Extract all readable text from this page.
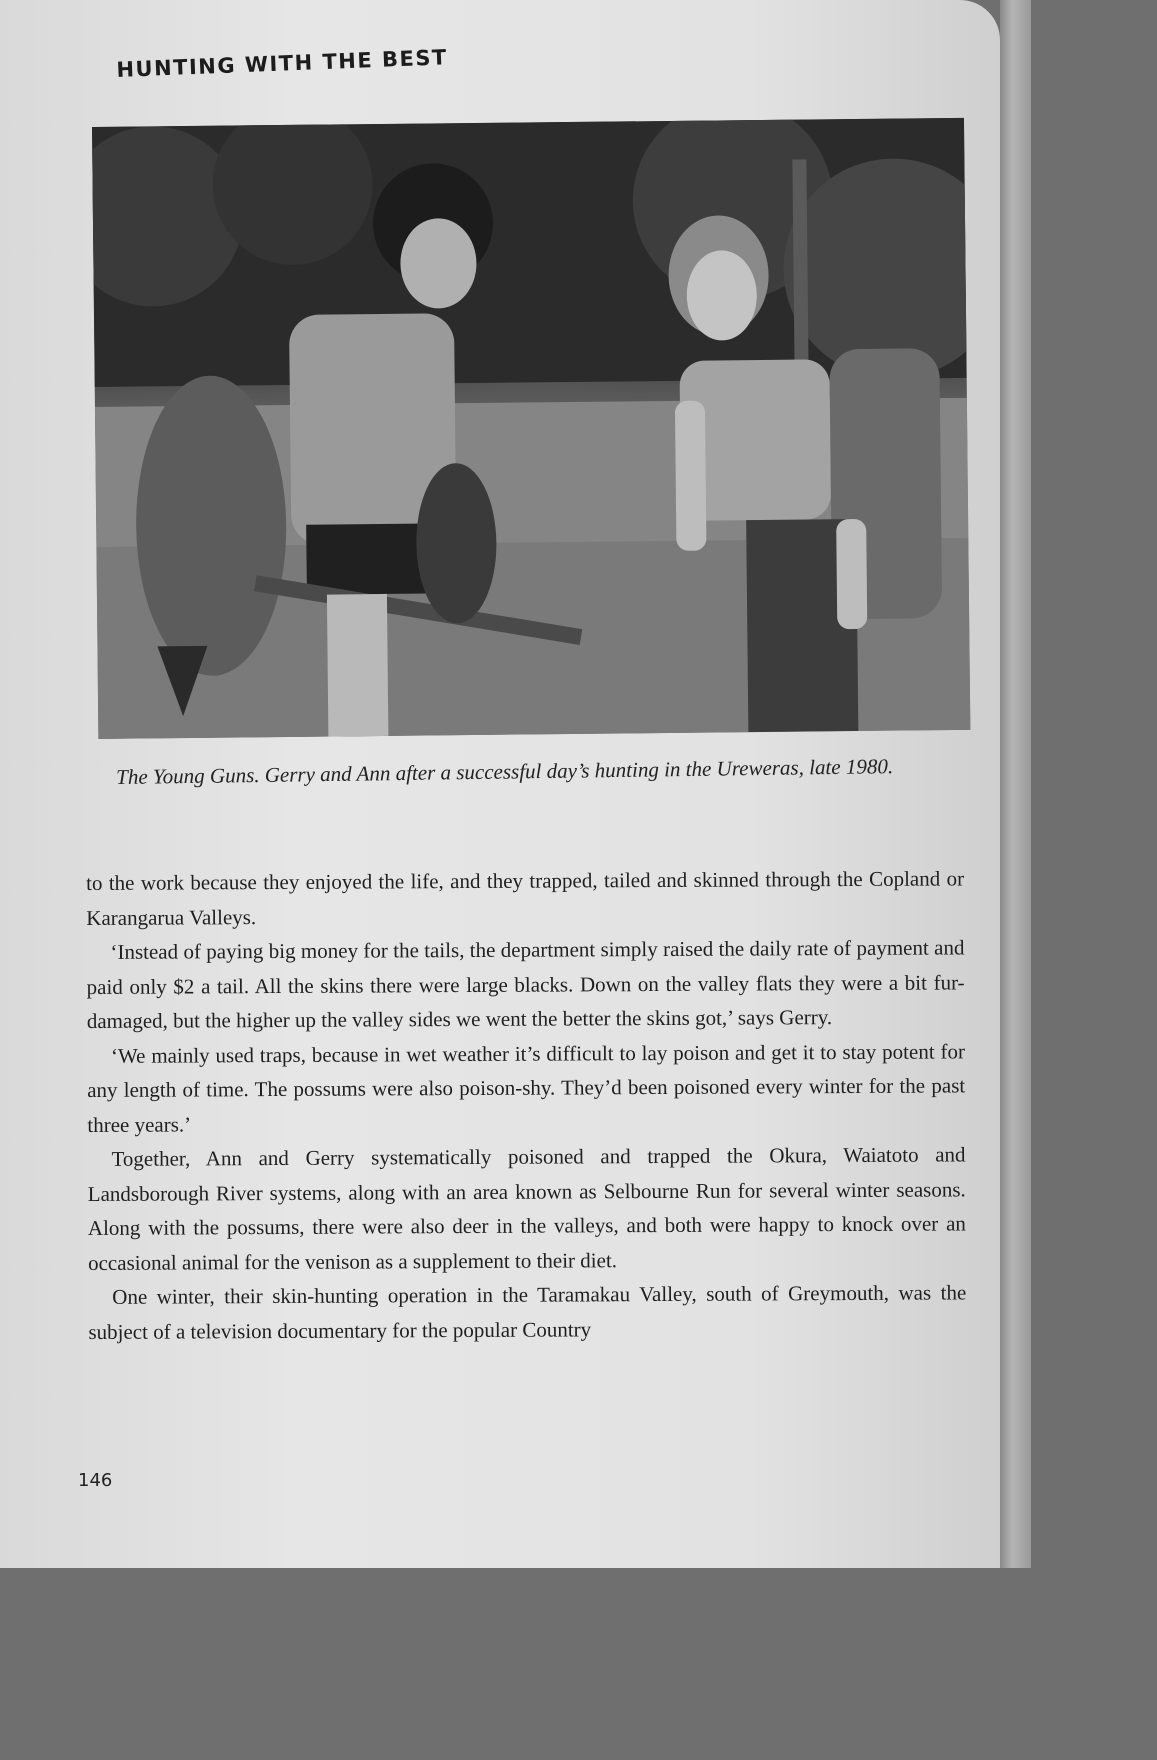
HUNTING WITH THE BEST
The Young Guns. Gerry and Ann after a successful day’s hunting in the Ureweras, late 1980.

to the work because they enjoyed the life, and they trapped, tailed and skinned through the Copland or Karangarua Valleys.

‘Instead of paying big money for the tails, the department simply raised the daily rate of payment and paid only $2 a tail. All the skins there were large blacks. Down on the valley flats they were a bit fur-damaged, but the higher up the valley sides we went the better the skins got,’ says Gerry.

‘We mainly used traps, because in wet weather it’s difficult to lay poison and get it to stay potent for any length of time. The possums were also poison-shy. They’d been poisoned every winter for the past three years.’

Together, Ann and Gerry systematically poisoned and trapped the Okura, Waiatoto and Landsborough River systems, along with an area known as Selbourne Run for several winter seasons. Along with the possums, there were also deer in the valleys, and both were happy to knock over an occasional animal for the venison as a supplement to their diet.

One winter, their skin-hunting operation in the Taramakau Valley, south of Greymouth, was the subject of a television documentary for the popular Country

146
